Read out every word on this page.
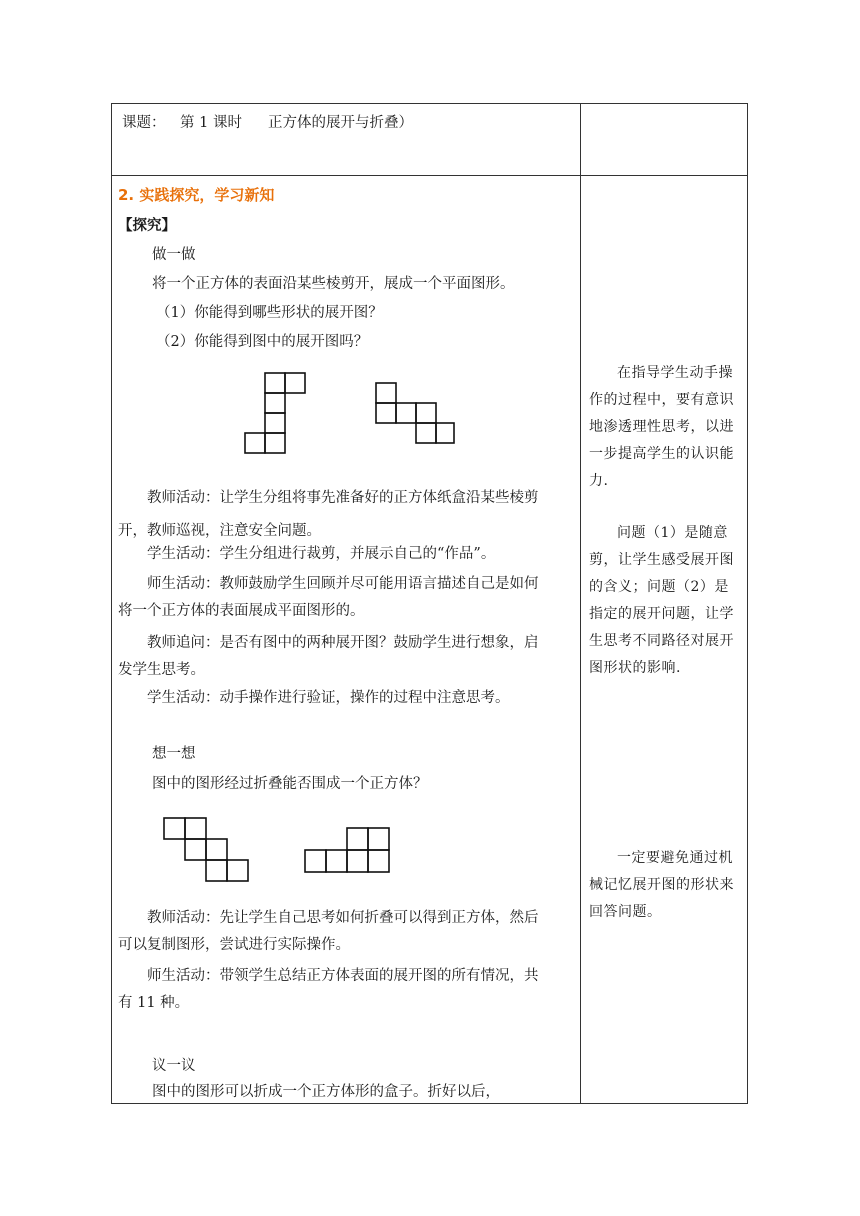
课题： 第 1 课时 正方体的展开与折叠）
2. 实践探究，学习新知
【探究】
做一做
将一个正方体的表面沿某些棱剪开，展成一个平面图形。
（1）你能得到哪些形状的展开图？
（2）你能得到图中的展开图吗？
教师活动：让学生分组将事先准备好的正方体纸盒沿某些棱剪开，教师巡视，注意安全问题。
学生活动：学生分组进行裁剪，并展示自己的“作品”。
师生活动：教师鼓励学生回顾并尽可能用语言描述自己是如何将一个正方体的表面展成平面图形的。
教师追问：是否有图中的两种展开图？鼓励学生进行想象，启发学生思考。
学生活动：动手操作进行验证，操作的过程中注意思考。
想一想
图中的图形经过折叠能否围成一个正方体？
教师活动：先让学生自己思考如何折叠可以得到正方体，然后可以复制图形，尝试进行实际操作。
师生活动：带领学生总结正方体表面的展开图的所有情况，共有 11 种。
议一议
图中的图形可以折成一个正方体形的盒子。折好以后，
在指导学生动手操作的过程中，要有意识地渗透理性思考，以进一步提高学生的认识能力.
问题（1）是随意剪，让学生感受展开图的含义；问题（2）是指定的展开问题，让学生思考不同路径对展开图形状的影响.
一定要避免通过机械记忆展开图的形状来回答问题。
